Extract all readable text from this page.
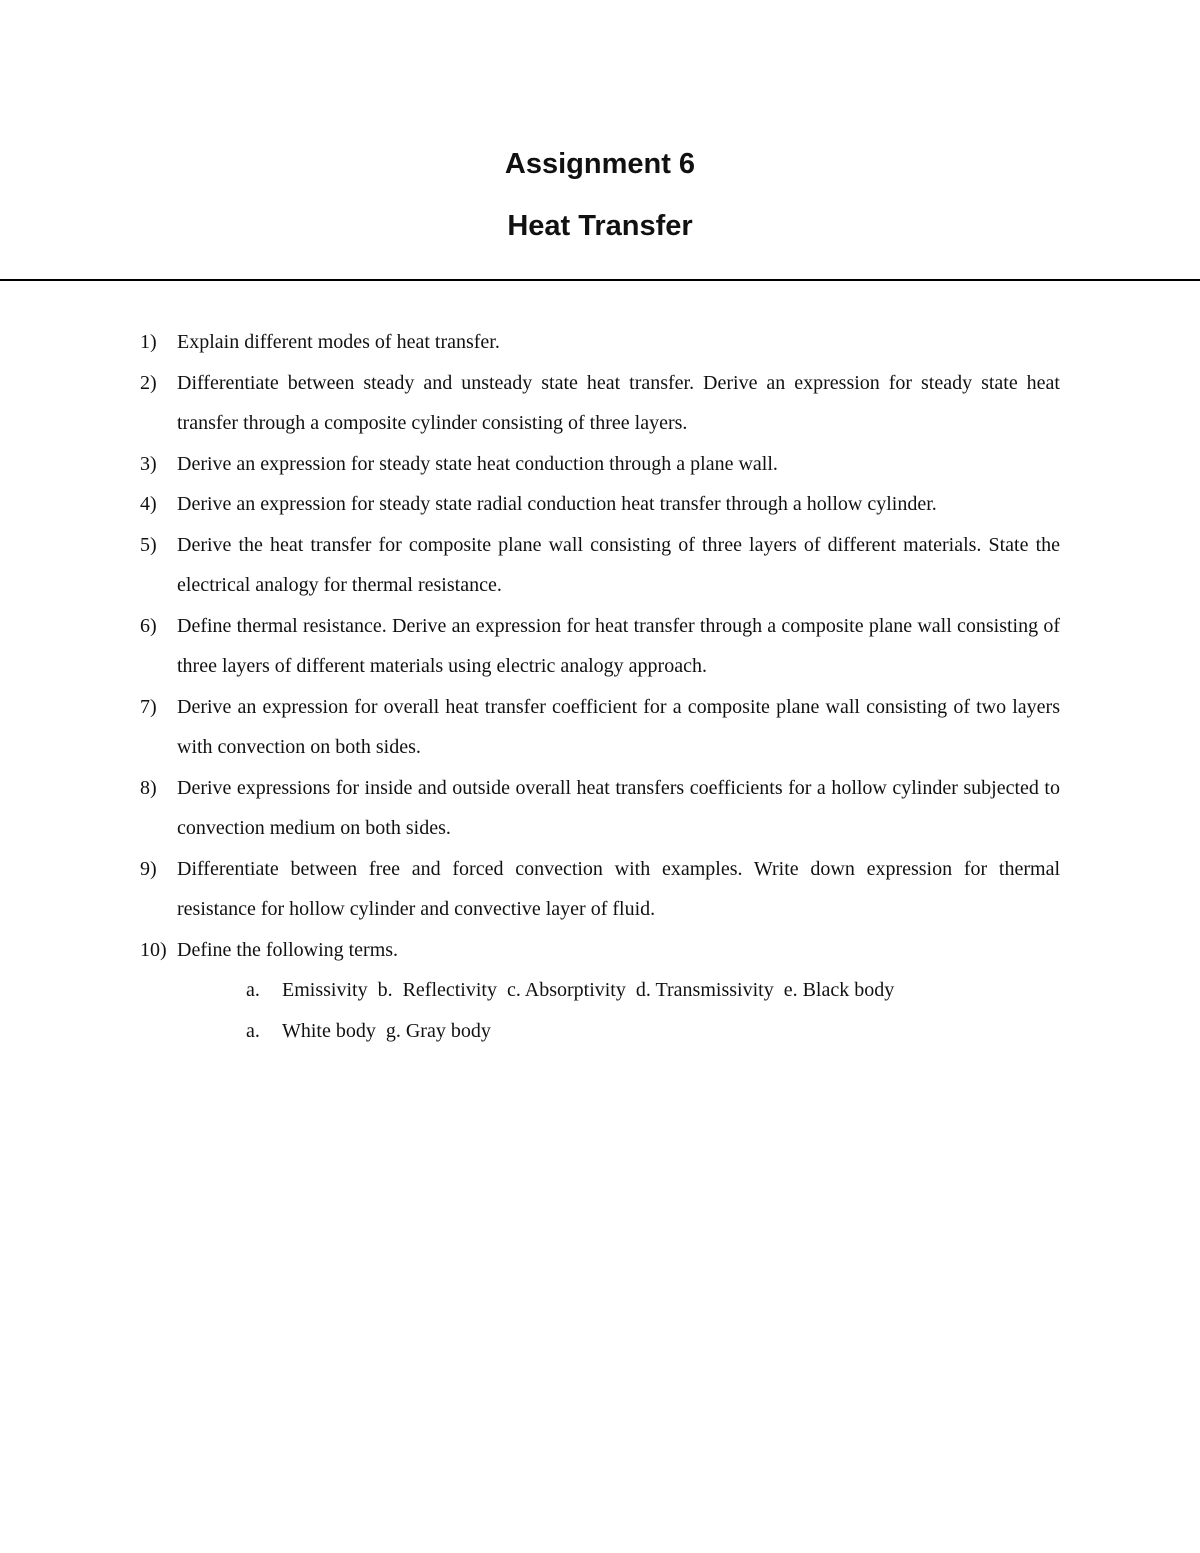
Assignment 6
Heat Transfer
1)	Explain different modes of heat transfer.
2)	Differentiate between steady and unsteady state heat transfer. Derive an expression for steady state heat transfer through a composite cylinder consisting of three layers.
3)	Derive an expression for steady state heat conduction through a plane wall.
4)	Derive an expression for steady state radial conduction heat transfer through a hollow cylinder.
5)	Derive the heat transfer for composite plane wall consisting of three layers of different materials. State the electrical analogy for thermal resistance.
6)	Define thermal resistance. Derive an expression for heat transfer through a composite plane wall consisting of three layers of different materials using electric analogy approach.
7)	Derive an expression for overall heat transfer coefficient for a composite plane wall consisting of two layers with convection on both sides.
8)	Derive expressions for inside and outside overall heat transfers coefficients for a hollow cylinder subjected to convection medium on both sides.
9)	Differentiate between free and forced convection with examples. Write down expression for thermal resistance for hollow cylinder and convective layer of fluid.
10) Define the following terms.
a.	Emissivity  b.  Reflectivity  c. Absorptivity  d. Transmissivity  e. Black body
a.	White body  g. Gray body
